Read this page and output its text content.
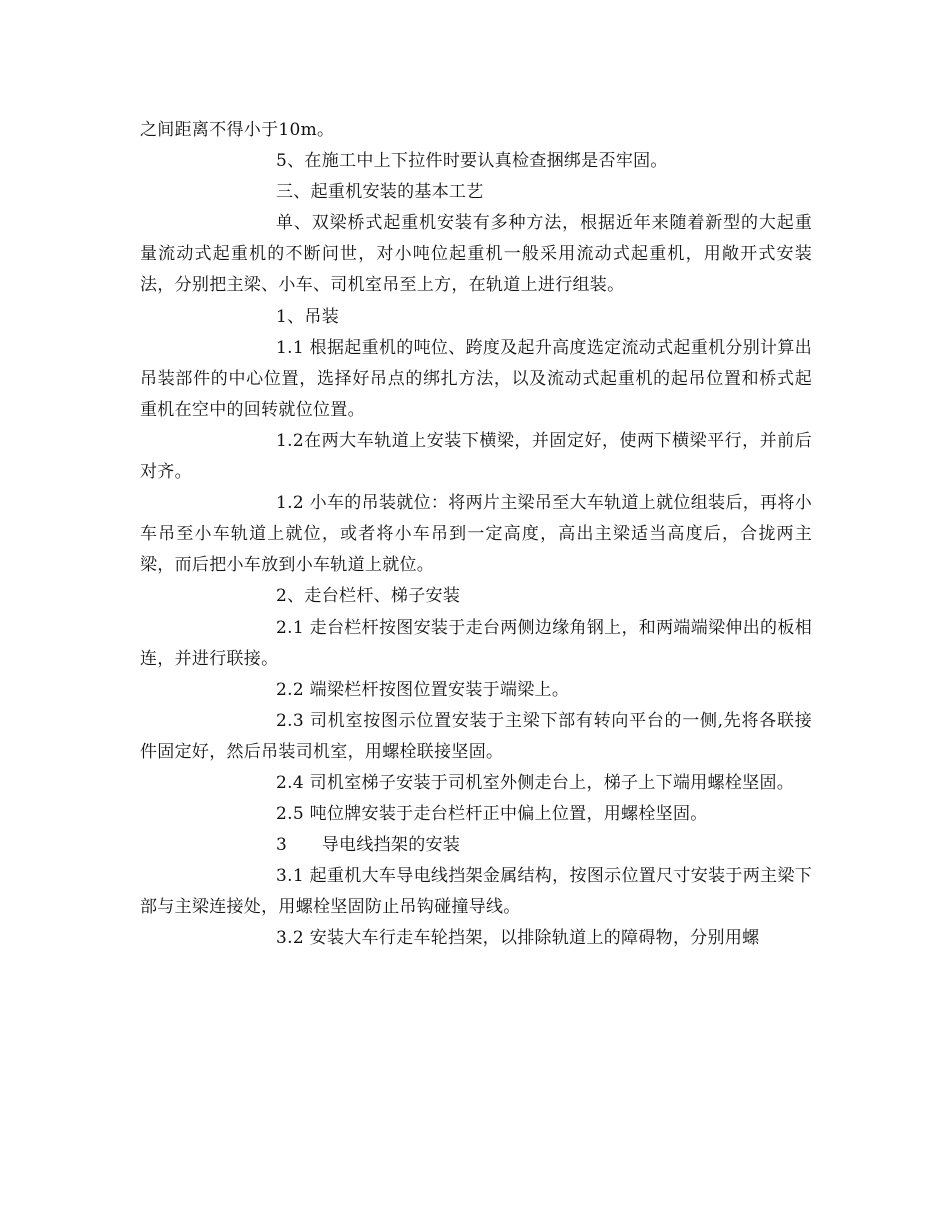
之间距离不得小于10m。

5、在施工中上下拉件时要认真检查捆绑是否牢固。

三、起重机安装的基本工艺

单、双梁桥式起重机安装有多种方法，根据近年来随着新型的大起重量流动式起重机的不断问世，对小吨位起重机一般采用流动式起重机，用敞开式安装法，分别把主梁、小车、司机室吊至上方，在轨道上进行组装。

1、吊装

1.1 根据起重机的吨位、跨度及起升高度选定流动式起重机分别计算出吊装部件的中心位置，选择好吊点的绑扎方法，以及流动式起重机的起吊位置和桥式起重机在空中的回转就位位置。

1.2在两大车轨道上安装下横梁，并固定好，使两下横梁平行，并前后对齐。

1.2 小车的吊装就位：将两片主梁吊至大车轨道上就位组装后，再将小车吊至小车轨道上就位，或者将小车吊到一定高度，高出主梁适当高度后，合拢两主梁，而后把小车放到小车轨道上就位。

2、走台栏杆、梯子安装

2.1 走台栏杆按图安装于走台两侧边缘角钢上，和两端端梁伸出的板相连，并进行联接。

2.2 端梁栏杆按图位置安装于端梁上。

2.3 司机室按图示位置安装于主梁下部有转向平台的一侧,先将各联接件固定好，然后吊装司机室，用螺栓联接坚固。

2.4 司机室梯子安装于司机室外侧走台上，梯子上下端用螺栓坚固。

2.5 吨位牌安装于走台栏杆正中偏上位置，用螺栓坚固。

3　　导电线挡架的安装

3.1 起重机大车导电线挡架金属结构，按图示位置尺寸安装于两主梁下部与主梁连接处，用螺栓坚固防止吊钩碰撞导线。

3.2 安装大车行走车轮挡架，以排除轨道上的障碍物，分别用螺
